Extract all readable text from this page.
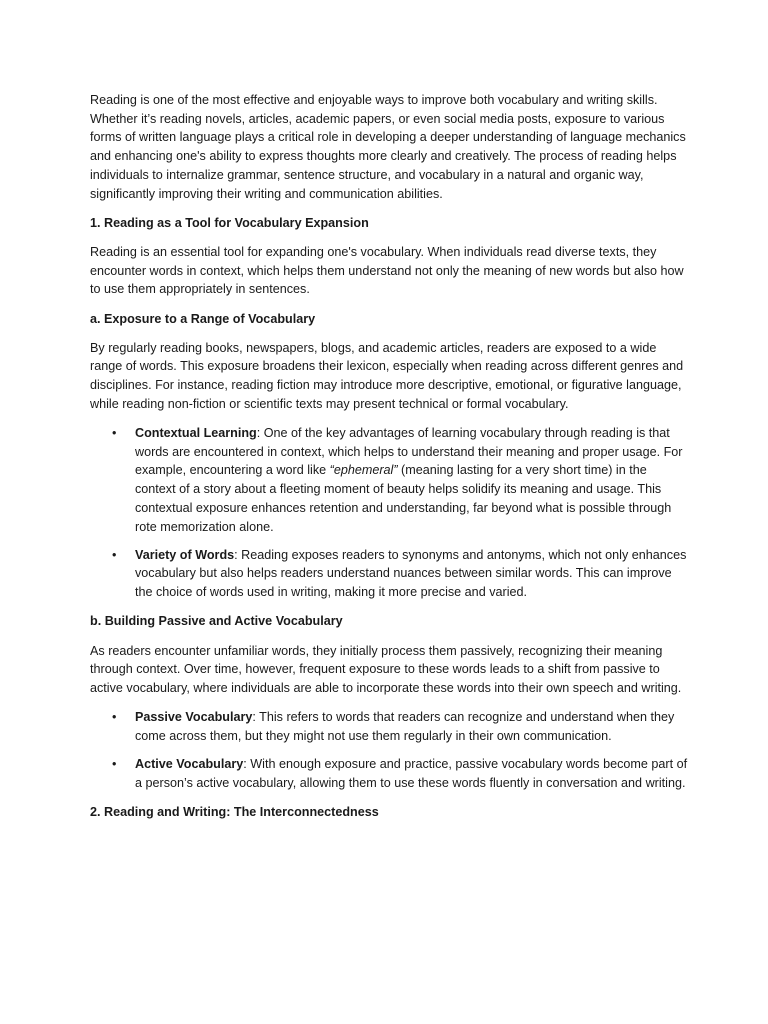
Reading is one of the most effective and enjoyable ways to improve both vocabulary and writing skills. Whether it’s reading novels, articles, academic papers, or even social media posts, exposure to various forms of written language plays a critical role in developing a deeper understanding of language mechanics and enhancing one's ability to express thoughts more clearly and creatively. The process of reading helps individuals to internalize grammar, sentence structure, and vocabulary in a natural and organic way, significantly improving their writing and communication abilities.

1. Reading as a Tool for Vocabulary Expansion

Reading is an essential tool for expanding one's vocabulary. When individuals read diverse texts, they encounter words in context, which helps them understand not only the meaning of new words but also how to use them appropriately in sentences.

a. Exposure to a Range of Vocabulary

By regularly reading books, newspapers, blogs, and academic articles, readers are exposed to a wide range of words. This exposure broadens their lexicon, especially when reading across different genres and disciplines. For instance, reading fiction may introduce more descriptive, emotional, or figurative language, while reading non-fiction or scientific texts may present technical or formal vocabulary.

• Contextual Learning: One of the key advantages of learning vocabulary through reading is that words are encountered in context, which helps to understand their meaning and proper usage. For example, encountering a word like “ephemeral” (meaning lasting for a very short time) in the context of a story about a fleeting moment of beauty helps solidify its meaning and usage. This contextual exposure enhances retention and understanding, far beyond what is possible through rote memorization alone.
• Variety of Words: Reading exposes readers to synonyms and antonyms, which not only enhances vocabulary but also helps readers understand nuances between similar words. This can improve the choice of words used in writing, making it more precise and varied.
b. Building Passive and Active Vocabulary

As readers encounter unfamiliar words, they initially process them passively, recognizing their meaning through context. Over time, however, frequent exposure to these words leads to a shift from passive to active vocabulary, where individuals are able to incorporate these words into their own speech and writing.

• Passive Vocabulary: This refers to words that readers can recognize and understand when they come across them, but they might not use them regularly in their own communication.
• Active Vocabulary: With enough exposure and practice, passive vocabulary words become part of a person’s active vocabulary, allowing them to use these words fluently in conversation and writing.
2. Reading and Writing: The Interconnectedness
